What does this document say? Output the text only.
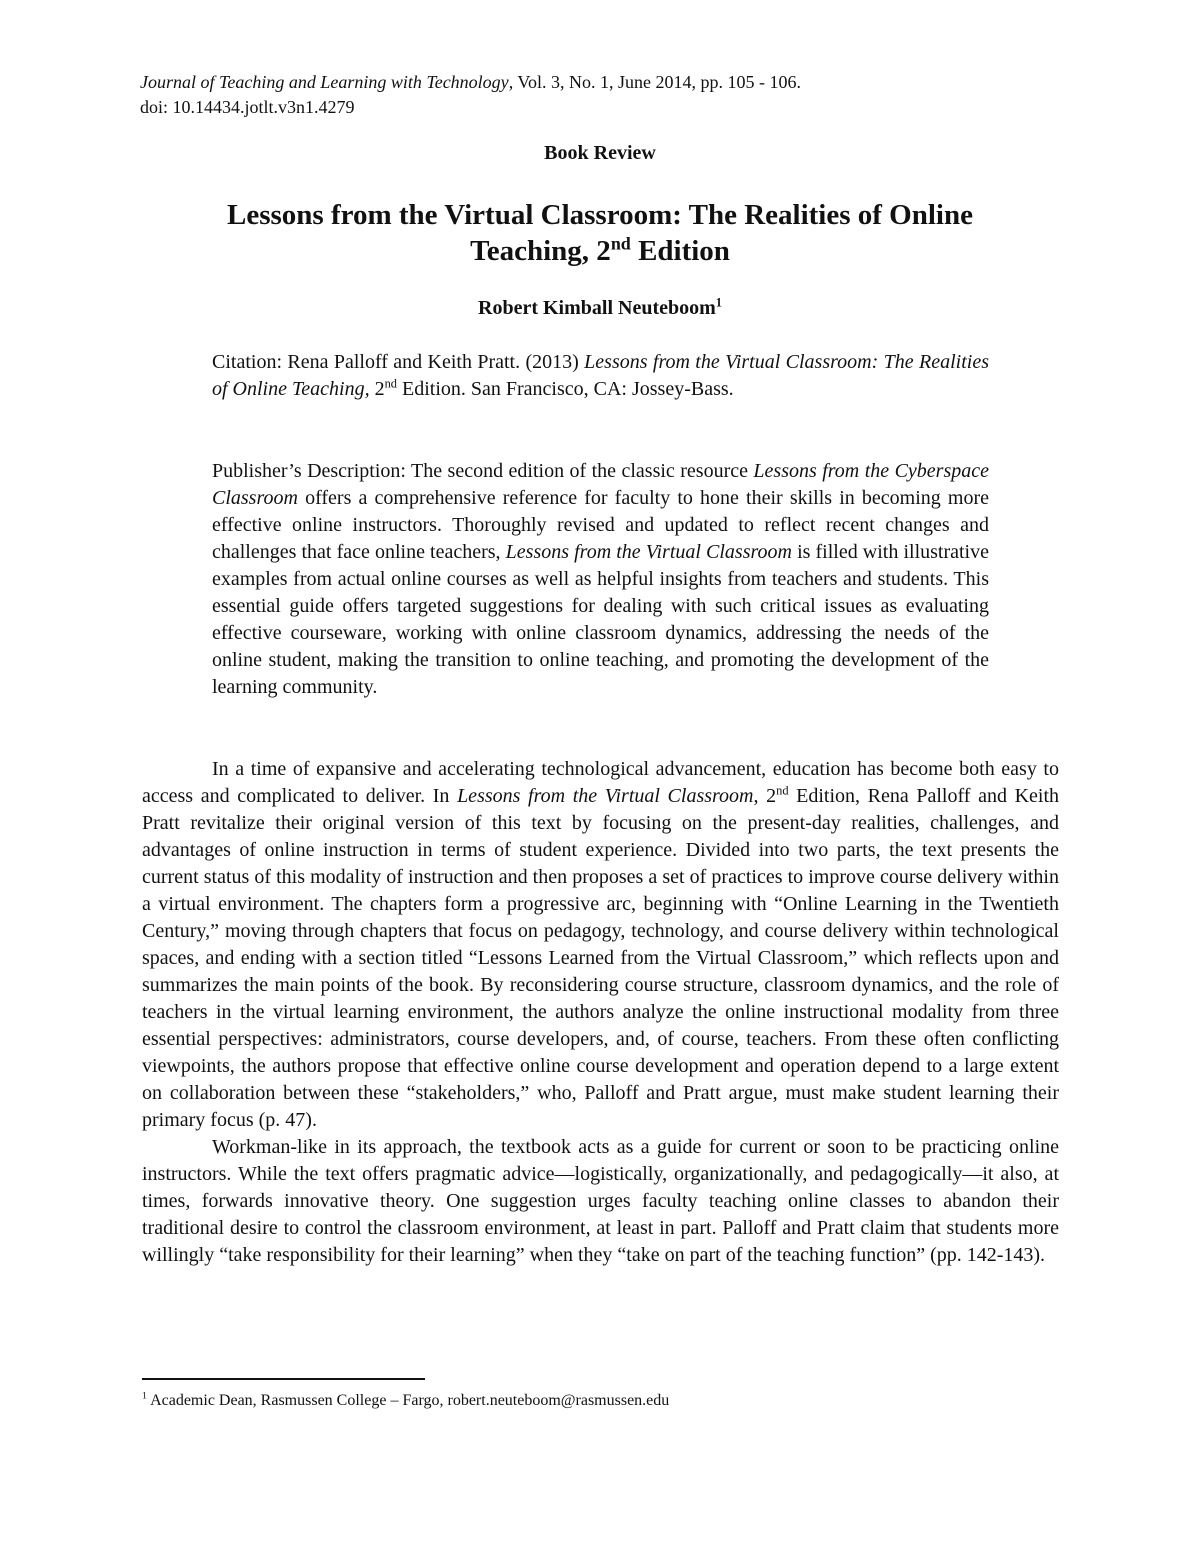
Journal of Teaching and Learning with Technology, Vol. 3, No. 1, June 2014, pp. 105 - 106.
doi: 10.14434.jotlt.v3n1.4279
Book Review
Lessons from the Virtual Classroom: The Realities of Online
Teaching, 2nd Edition
Robert Kimball Neuteboom$^1$
Citation: Rena Palloff and Keith Pratt. (2013) Lessons from the Virtual Classroom: The Realities of Online Teaching, 2nd Edition. San Francisco, CA: Jossey-Bass.
Publisher’s Description: The second edition of the classic resource Lessons from the Cyberspace Classroom offers a comprehensive reference for faculty to hone their skills in becoming more effective online instructors. Thoroughly revised and updated to reflect recent changes and challenges that face online teachers, Lessons from the Virtual Classroom is filled with illustrative examples from actual online courses as well as helpful insights from teachers and students. This essential guide offers targeted suggestions for dealing with such critical issues as evaluating effective courseware, working with online classroom dynamics, addressing the needs of the online student, making the transition to online teaching, and promoting the development of the learning community.

In a time of expansive and accelerating technological advancement, education has become both easy to access and complicated to deliver. In Lessons from the Virtual Classroom, 2nd Edition, Rena Palloff and Keith Pratt revitalize their original version of this text by focusing on the present-day realities, challenges, and advantages of online instruction in terms of student experience. Divided into two parts, the text presents the current status of this modality of instruction and then proposes a set of practices to improve course delivery within a virtual environment. The chapters form a progressive arc, beginning with “Online Learning in the Twentieth Century,” moving through chapters that focus on pedagogy, technology, and course delivery within technological spaces, and ending with a section titled “Lessons Learned from the Virtual Classroom,” which reflects upon and summarizes the main points of the book. By reconsidering course structure, classroom dynamics, and the role of teachers in the virtual learning environment, the authors analyze the online instructional modality from three essential perspectives: administrators, course developers, and, of course, teachers. From these often conflicting viewpoints, the authors propose that effective online course development and operation depend to a large extent on collaboration between these “stakeholders,” who, Palloff and Pratt argue, must make student learning their primary focus (p. 47).

Workman-like in its approach, the textbook acts as a guide for current or soon to be practicing online instructors. While the text offers pragmatic advice—logistically, organizationally, and pedagogically—it also, at times, forwards innovative theory. One suggestion urges faculty teaching online classes to abandon their traditional desire to control the classroom environment, at least in part. Palloff and Pratt claim that students more willingly “take responsibility for their learning” when they “take on part of the teaching function” (pp. 142-143).

$^1$ Academic Dean, Rasmussen College – Fargo, robert.neuteboom@rasmussen.edu
